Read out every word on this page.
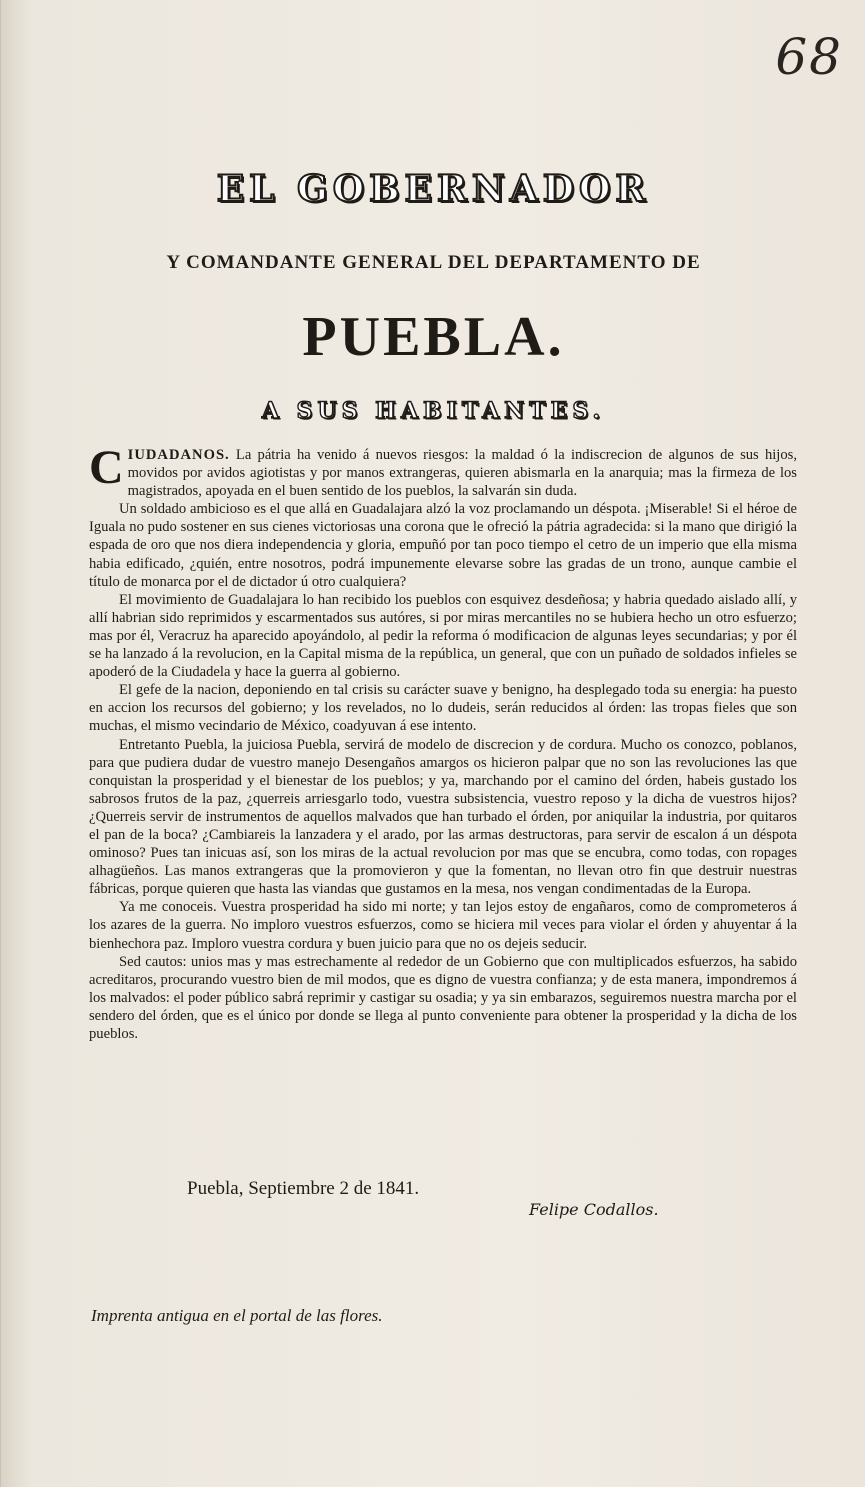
68
EL GOBERNADOR
Y COMANDANTE GENERAL DEL DEPARTAMENTO DE
PUEBLA.
A SUS HABITANTES.

CIUDADANOS. La pátria ha venido á nuevos riesgos: la maldad ó la indiscrecion de algunos de sus hijos, movidos por avidos agiotistas y por manos extrangeras, quieren abismarla en la anarquia; mas la firmeza de los magistrados, apoyada en el buen sentido de los pueblos, la salvarán sin duda.

Un soldado ambicioso es el que allá en Guadalajara alzó la voz proclamando un déspota. ¡Miserable! Si el héroe de Iguala no pudo sostener en sus cienes victoriosas una corona que le ofreció la pátria agradecida: si la mano que dirigió la espada de oro que nos diera independencia y gloria, empuñó por tan poco tiempo el cetro de un imperio que ella misma habia edificado, ¿quién, entre nosotros, podrá impunemente elevarse sobre las gradas de un trono, aunque cambie el título de monarca por el de dictador ú otro cualquiera?

El movimiento de Guadalajara lo han recibido los pueblos con esquivez desdeñosa; y habria quedado aislado allí, y allí habrian sido reprimidos y escarmentados sus autóres, si por miras mercantiles no se hubiera hecho un otro esfuerzo; mas por él, Veracruz ha aparecido apoyándolo, al pedir la reforma ó modificacion de algunas leyes secundarias; y por él se ha lanzado á la revolucion, en la Capital misma de la república, un general, que con un puñado de soldados infieles se apoderó de la Ciudadela y hace la guerra al gobierno.

El gefe de la nacion, deponiendo en tal crisis su carácter suave y benigno, ha desplegado toda su energia: ha puesto en accion los recursos del gobierno; y los revelados, no lo dudeis, serán reducidos al órden: las tropas fieles que son muchas, el mismo vecindario de México, coadyuvan á ese intento.

Entretanto Puebla, la juiciosa Puebla, servirá de modelo de discrecion y de cordura. Mucho os conozco, poblanos, para que pudiera dudar de vuestro manejo Desengaños amargos os hicieron palpar que no son las revoluciones las que conquistan la prosperidad y el bienestar de los pueblos; y ya, marchando por el camino del órden, habeis gustado los sabrosos frutos de la paz, ¿querreis arriesgarlo todo, vuestra subsistencia, vuestro reposo y la dicha de vuestros hijos? ¿Querreis servir de instrumentos de aquellos malvados que han turbado el órden, por aniquilar la industria, por quitaros el pan de la boca? ¿Cambiareis la lanzadera y el arado, por las armas destructoras, para servir de escalon á un déspota ominoso? Pues tan inicuas así, son los miras de la actual revolucion por mas que se encubra, como todas, con ropages alhagüeños. Las manos extrangeras que la promovieron y que la fomentan, no llevan otro fin que destruir nuestras fábricas, porque quieren que hasta las viandas que gustamos en la mesa, nos vengan condimentadas de la Europa.

Ya me conoceis. Vuestra prosperidad ha sido mi norte; y tan lejos estoy de engañaros, como de comprometeros á los azares de la guerra. No imploro vuestros esfuerzos, como se hiciera mil veces para violar el órden y ahuyentar á la bienhechora paz. Imploro vuestra cordura y buen juicio para que no os dejeis seducir.

Sed cautos: unios mas y mas estrechamente al rededor de un Gobierno que con multiplicados esfuerzos, ha sabido acreditaros, procurando vuestro bien de mil modos, que es digno de vuestra confianza; y de esta manera, impondremos á los malvados: el poder público sabrá reprimir y castigar su osadia; y ya sin embarazos, seguiremos nuestra marcha por el sendero del órden, que es el único por donde se llega al punto conveniente para obtener la prosperidad y la dicha de los pueblos.

Puebla, Septiembre 2 de 1841.
Felipe Codallos.
Imprenta antigua en el portal de las flores.
